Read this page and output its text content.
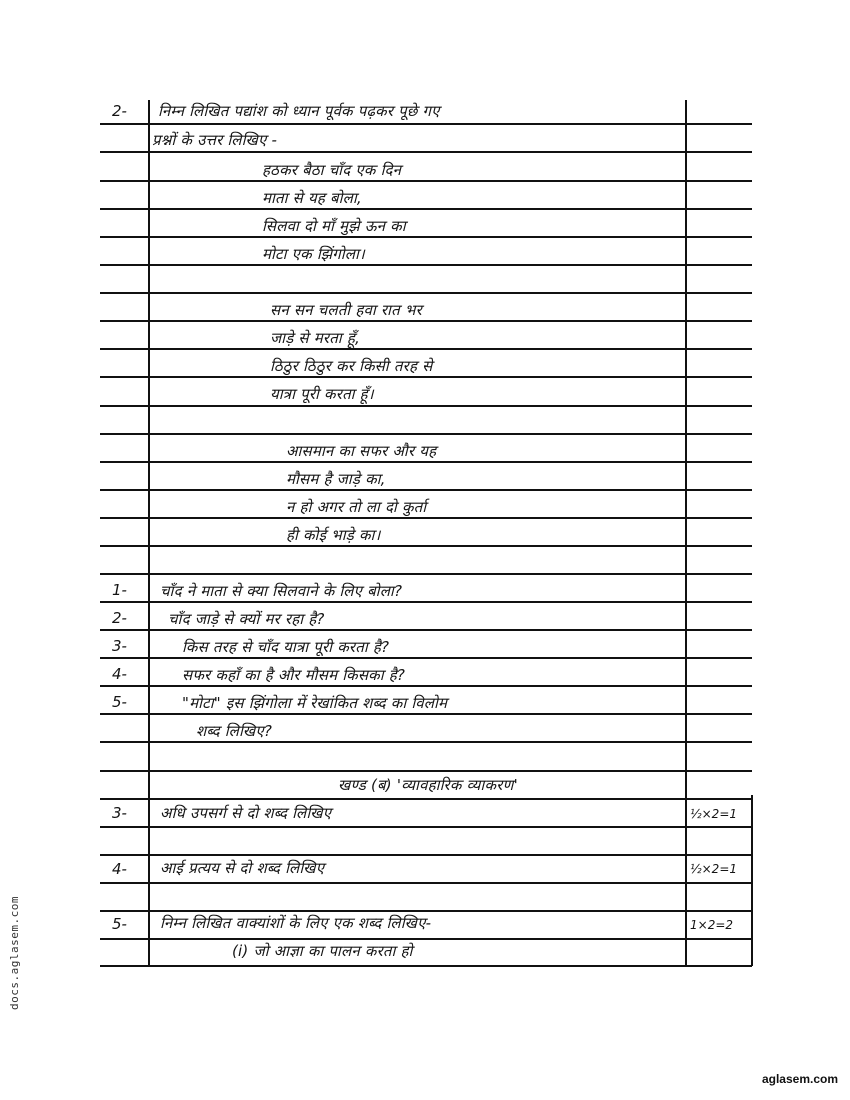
2- निम्न लिखित पद्यांश को ध्यान पूर्वक पढ़कर पूछे गए
प्रश्नों के उत्तर लिखिए -
हठकर बैठा चाँद एक दिन
माता से यह बोला,
सिलवा दो माँ मुझे ऊन का
मोटा एक झिंगोला।
सन सन चलती हवा रात भर
जाड़े से मरता हूँ,
ठिठुर ठिठुर कर किसी तरह से
यात्रा पूरी करता हूँ।
आसमान का सफर और यह
मौसम है जाड़े का,
न हो अगर तो ला दो कुर्ता
ही कोई भाड़े का।
1- चाँद ने माता से क्या सिलवाने के लिए बोला?
2-	चाँद जाड़े से क्यों मर रहा है?
3-	किस तरह से चाँद यात्रा पूरी करता है?
4-	सफर कहाँ का है और मौसम किसका है?
5-	"मोटा" इस झिंगोला में रेखांकित शब्द का विलोम
शब्द लिखिए?
खण्ड (ब) 'व्यावहारिक व्याकरण'
3- अधि उपसर्ग से दो शब्द लिखिए	½×2=1
4- आई प्रत्यय से दो शब्द लिखिए	½×2=1
5- निम्न लिखित वाक्यांशों के लिए एक शब्द लिखिए-	1×2=2
(i) जो आज्ञा का पालन करता हो
docs.aglasem.com
aglasem.com
